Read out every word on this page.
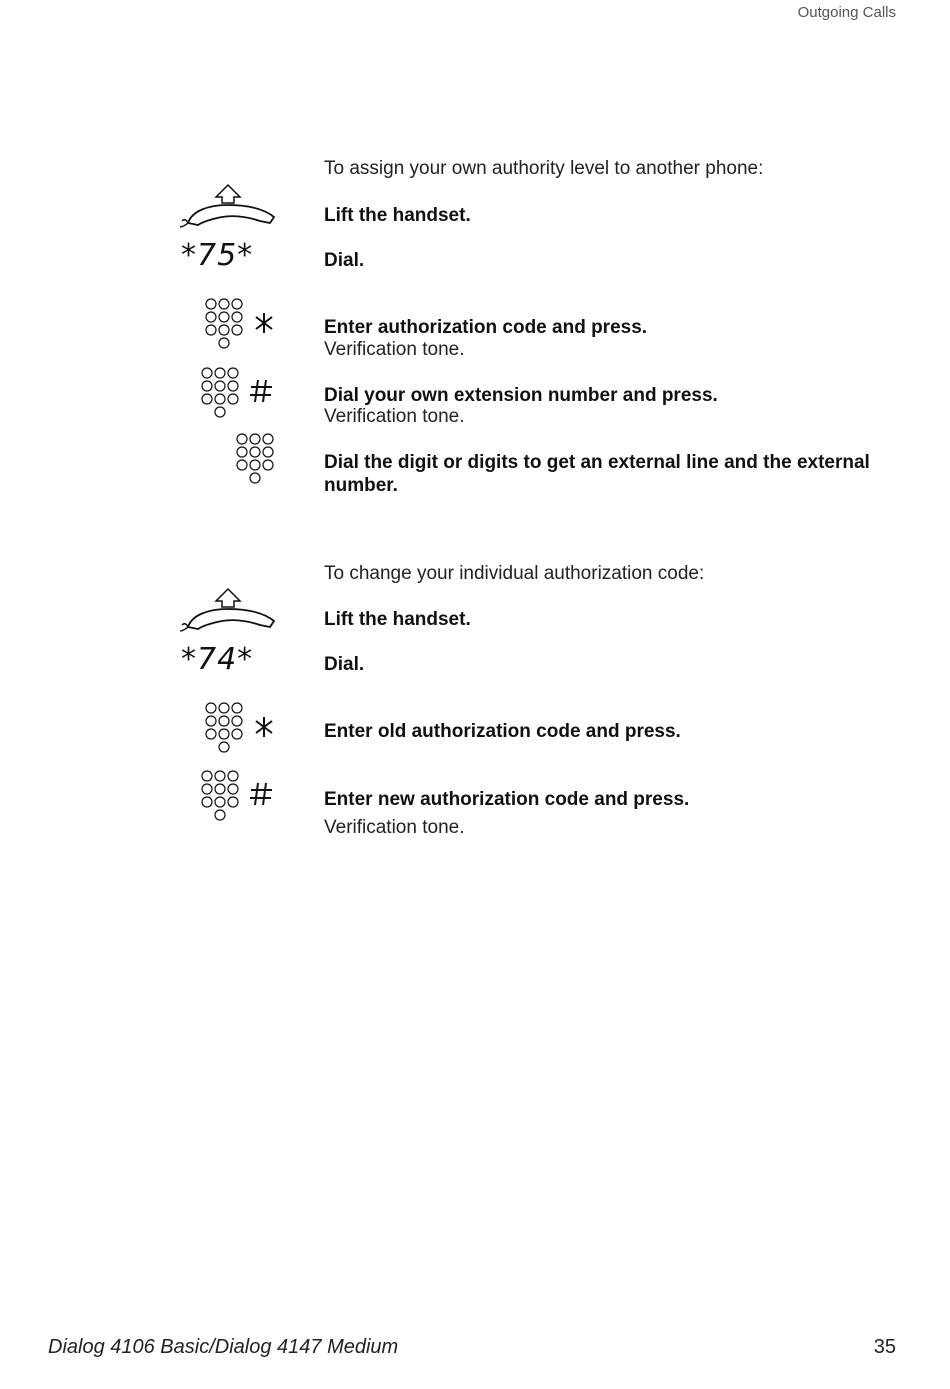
Outgoing Calls
To assign your own authority level to another phone:
Lift the handset.
*75*	Dial.
Enter authorization code and press.
Verification tone.
Dial your own extension number and press.
Verification tone.
Dial the digit or digits to get an external line and the external number.
To change your individual authorization code:
Lift the handset.
*74*	Dial.
Enter old authorization code and press.
Enter new authorization code and press.
Verification tone.
Dialog 4106 Basic/Dialog 4147 Medium	35
